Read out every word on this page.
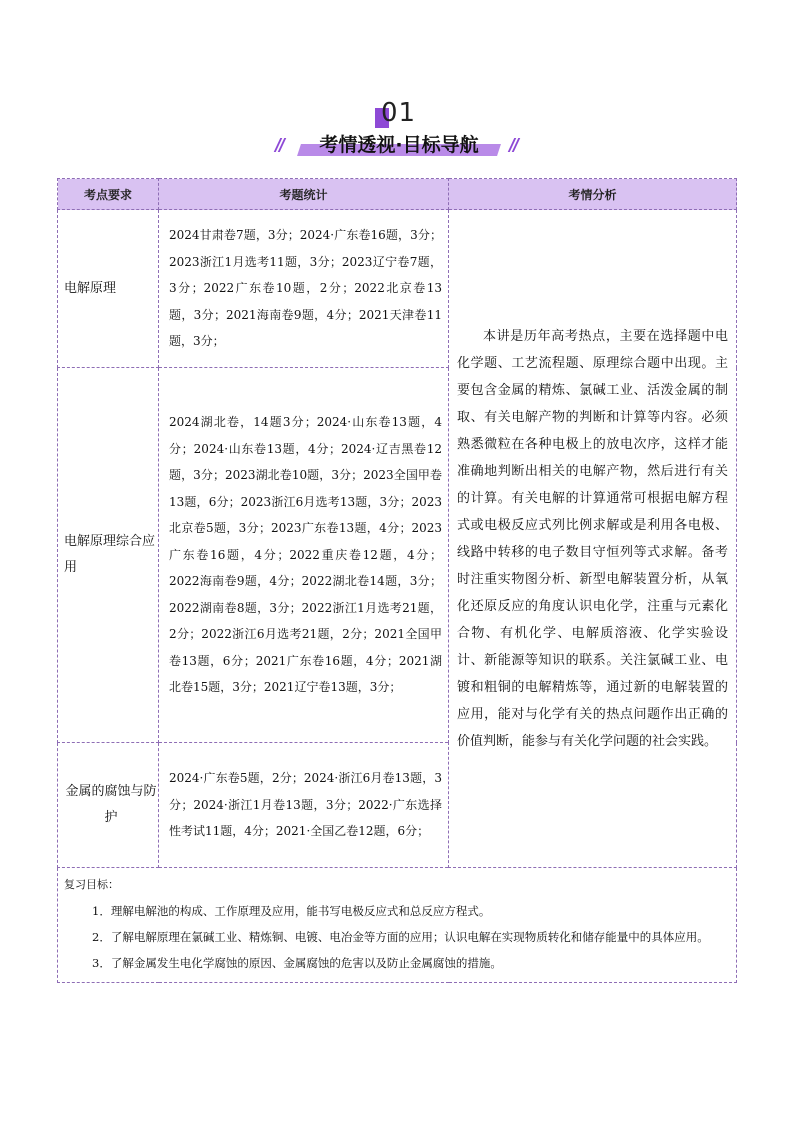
01
考情透视·目标导航
考点要求	考题统计	考情分析
电解原理	2024甘肃卷7题，3分；2024·广东卷16题，3分；2023浙江1月选考11题，3分；2023辽宁卷7题，3分；2022广东卷10题，2分；2022北京卷13题，3分；2021海南卷9题，4分；2021天津卷11题，3分；	本讲是历年高考热点，主要在选择题中电化学题、工艺流程题、原理综合题中出现。主要包含金属的精炼、氯碱工业、活泼金属的制取、有关电解产物的判断和计算等内容。必须熟悉微粒在各种电极上的放电次序，这样才能准确地判断出相关的电解产物，然后进行有关的计算。有关电解的计算通常可根据电解方程式或电极反应式列比例求解或是利用各电极、线路中转移的电子数目守恒列等式求解。备考时注重实物图分析、新型电解装置分析，从氧化还原反应的角度认识电化学，注重与元素化合物、有机化学、电解质溶液、化学实验设计、新能源等知识的联系。关注氯碱工业、电镀和粗铜的电解精炼等，通过新的电解装置的应用，能对与化学有关的热点问题作出正确的价值判断，能参与有关化学问题的社会实践。

电解原理综合应用	2024湖北卷，14题3分；2024·山东卷13题，4分；2024·山东卷13题，4分；2024·辽吉黑卷12题，3分；2023湖北卷10题，3分；2023全国甲卷13题，6分；2023浙江6月选考13题，3分；2023北京卷5题，3分；2023广东卷13题，4分；2023广东卷16题，4分；2022重庆卷12题，4分；2022海南卷9题，4分；2022湖北卷14题，3分；2022湖南卷8题，3分；2022浙江1月选考21题，2分；2022浙江6月选考21题，2分；2021全国甲卷13题，6分；2021广东卷16题，4分；2021湖北卷15题，3分；2021辽宁卷13题，3分；	
金属的腐蚀与防护	2024·广东卷5题，2分；2024·浙江6月卷13题，3分；2024·浙江1月卷13题，3分；2022·广东选择性考试11题，4分；2021·全国乙卷12题，6分；	

复习目标：
1．理解电解池的构成、工作原理及应用，能书写电极反应式和总反应方程式。
2．了解电解原理在氯碱工业、精炼铜、电镀、电冶金等方面的应用；认识电解在实现物质转化和储存能量中的具体应用。
3．了解金属发生电化学腐蚀的原因、金属腐蚀的危害以及防止金属腐蚀的措施。		
